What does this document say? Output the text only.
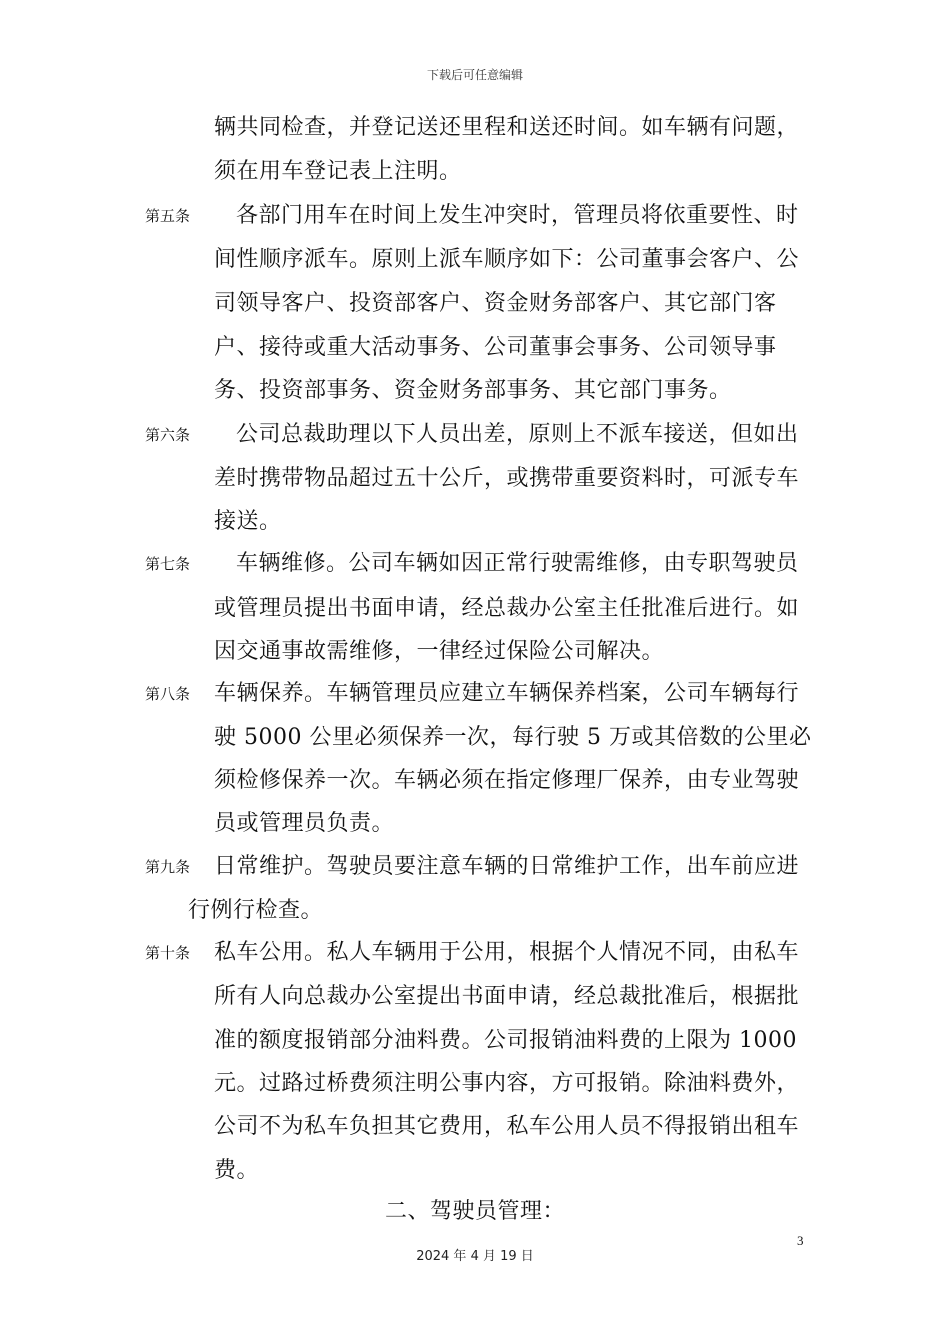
下载后可任意编辑
辆共同检查，并登记送还里程和送还时间。如车辆有问题，
须在用车登记表上注明。
第五条 各部门用车在时间上发生冲突时，管理员将依重要性、时
间性顺序派车。原则上派车顺序如下：公司董事会客户、公
司领导客户、投资部客户、资金财务部客户、其它部门客
户、接待或重大活动事务、公司董事会事务、公司领导事
务、投资部事务、资金财务部事务、其它部门事务。
第六条 公司总裁助理以下人员出差，原则上不派车接送，但如出
差时携带物品超过五十公斤，或携带重要资料时，可派专车
接送。
第七条 车辆维修。公司车辆如因正常行驶需维修，由专职驾驶员
或管理员提出书面申请，经总裁办公室主任批准后进行。如
因交通事故需维修，一律经过保险公司解决。
第八条 车辆保养。车辆管理员应建立车辆保养档案，公司车辆每行
驶 5000 公里必须保养一次，每行驶 5 万或其倍数的公里必
须检修保养一次。车辆必须在指定修理厂保养，由专业驾驶
员或管理员负责。
第九条 日常维护。驾驶员要注意车辆的日常维护工作，出车前应进
行例行检查。
第十条 私车公用。私人车辆用于公用，根据个人情况不同，由私车
所有人向总裁办公室提出书面申请，经总裁批准后，根据批
准的额度报销部分油料费。公司报销油料费的上限为 1000
元。过路过桥费须注明公事内容，方可报销。除油料费外，
公司不为私车负担其它费用，私车公用人员不得报销出租车
费。
二、驾驶员管理：
3
2024 年 4 月 19 日
